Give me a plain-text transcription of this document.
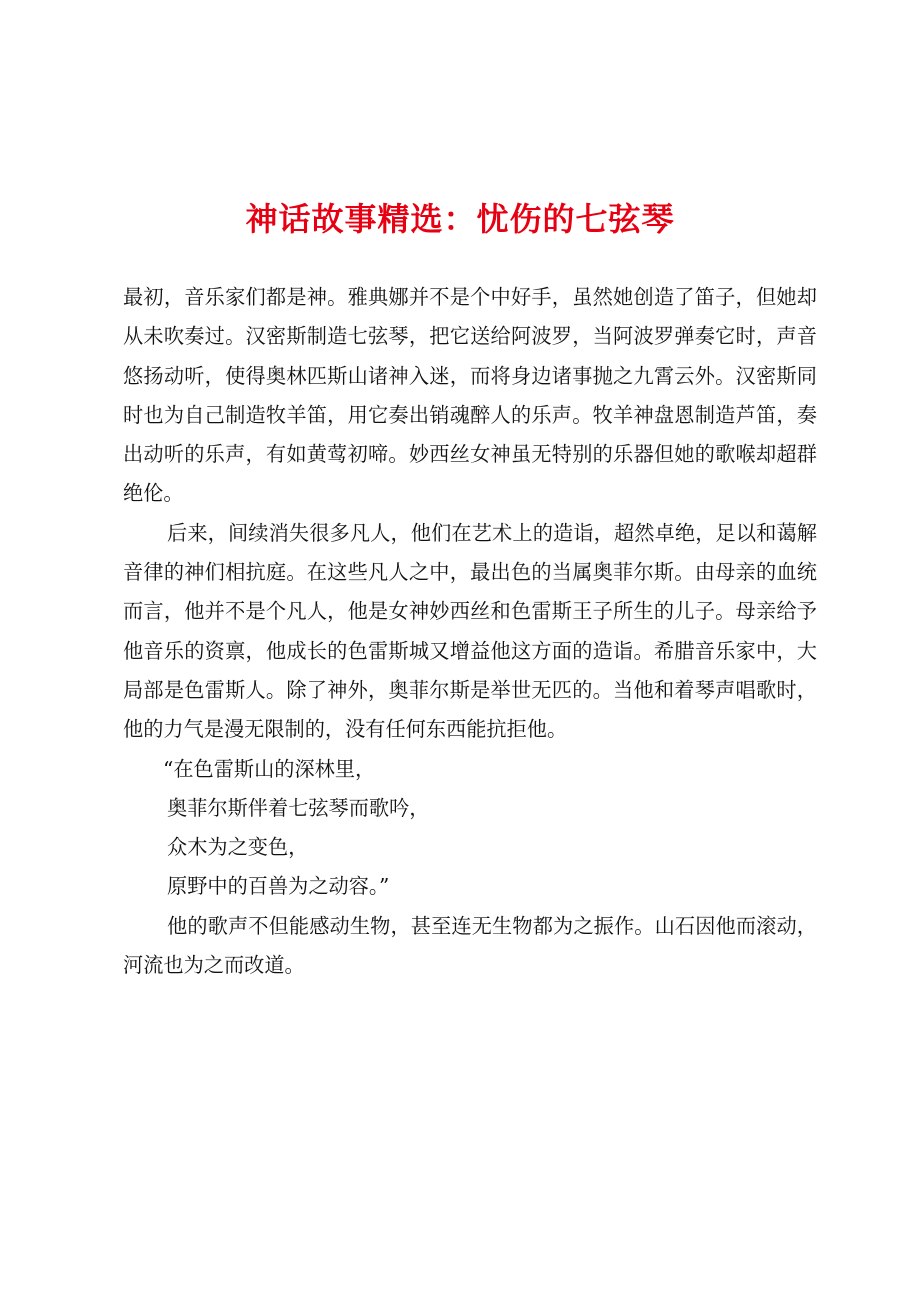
神话故事精选：忧伤的七弦琴

最初，音乐家们都是神。雅典娜并不是个中好手，虽然她创造了笛子，但她却从未吹奏过。汉密斯制造七弦琴，把它送给阿波罗，当阿波罗弹奏它时，声音悠扬动听，使得奥林匹斯山诸神入迷，而将身边诸事抛之九霄云外。汉密斯同时也为自己制造牧羊笛，用它奏出销魂醉人的乐声。牧羊神盘恩制造芦笛，奏出动听的乐声，有如黄莺初啼。妙西丝女神虽无特别的乐器但她的歌喉却超群绝伦。

后来，间续消失很多凡人，他们在艺术上的造诣，超然卓绝，足以和蔼解音律的神们相抗庭。在这些凡人之中，最出色的当属奥菲尔斯。由母亲的血统而言，他并不是个凡人，他是女神妙西丝和色雷斯王子所生的儿子。母亲给予他音乐的资禀，他成长的色雷斯城又增益他这方面的造诣。希腊音乐家中，大局部是色雷斯人。除了神外，奥菲尔斯是举世无匹的。当他和着琴声唱歌时，他的力气是漫无限制的，没有任何东西能抗拒他。

“在色雷斯山的深林里，

奥菲尔斯伴着七弦琴而歌吟，

众木为之变色，

原野中的百兽为之动容。”

他的歌声不但能感动生物，甚至连无生物都为之振作。山石因他而滚动，河流也为之而改道。
